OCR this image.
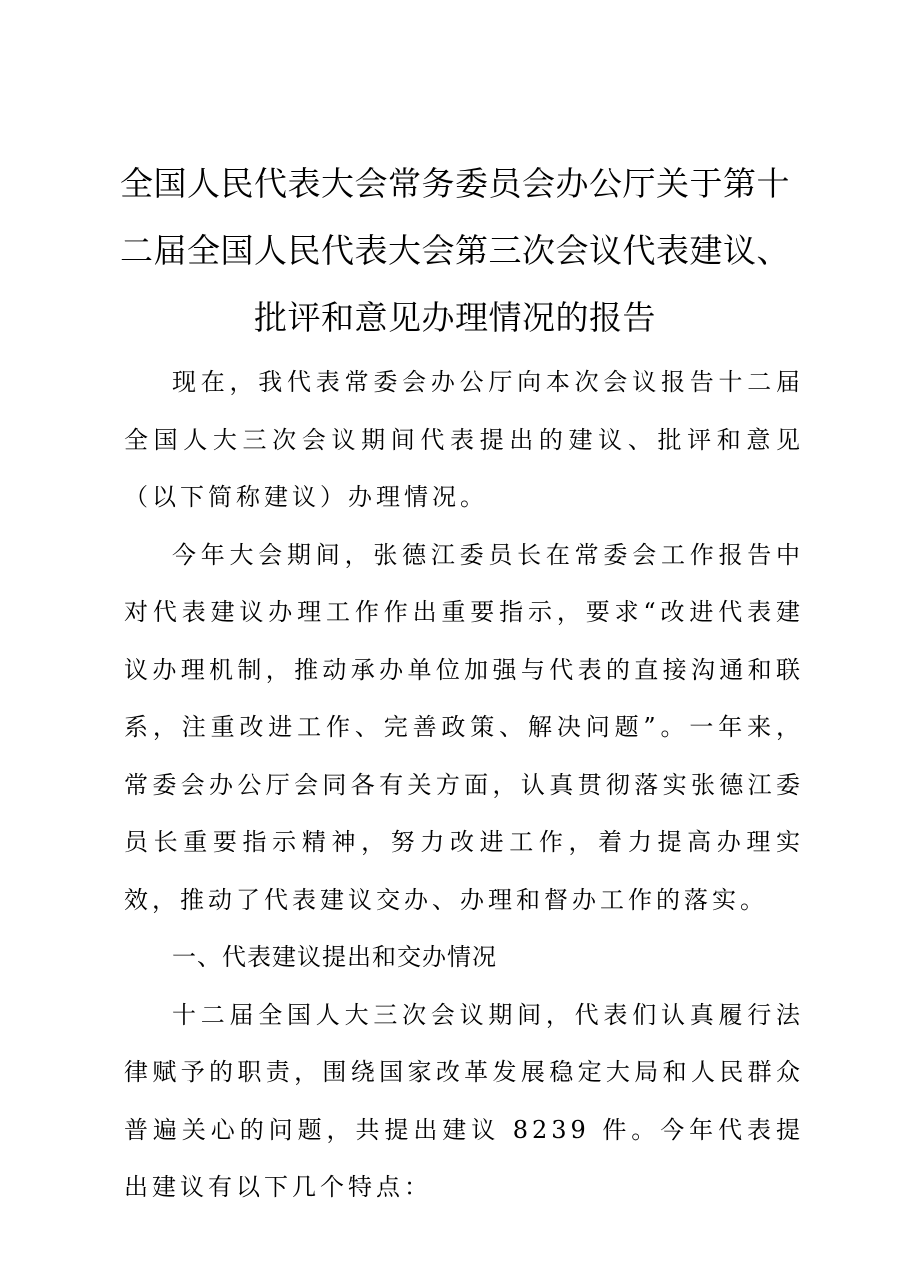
全国人民代表大会常务委员会办公厅关于第十
二届全国人民代表大会第三次会议代表建议、
批评和意见办理情况的报告

现在，我代表常委会办公厅向本次会议报告十二届全国人大三次会议期间代表提出的建议、批评和意见（以下简称建议）办理情况。

今年大会期间，张德江委员长在常委会工作报告中对代表建议办理工作作出重要指示，要求“改进代表建议办理机制，推动承办单位加强与代表的直接沟通和联系，注重改进工作、完善政策、解决问题”。一年来，常委会办公厅会同各有关方面，认真贯彻落实张德江委员长重要指示精神，努力改进工作，着力提高办理实效，推动了代表建议交办、办理和督办工作的落实。

一、代表建议提出和交办情况

十二届全国人大三次会议期间，代表们认真履行法律赋予的职责，围绕国家改革发展稳定大局和人民群众普遍关心的问题，共提出建议 8239 件。今年代表提出建议有以下几个特点：
